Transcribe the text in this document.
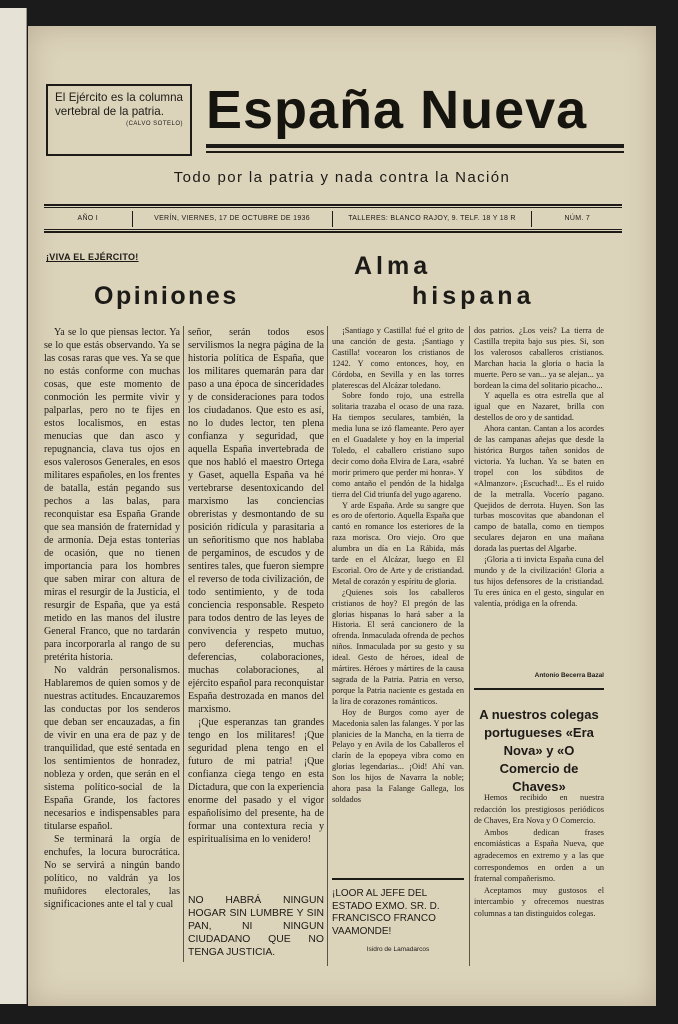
El Ejército es la columna vertebral de la patria.
(CALVO SOTELO) España Nueva
Todo por la patria y nada contra la Nación
AÑO I	VERÍN, VIERNES, 17 DE OCTUBRE DE 1936	TALLERES: BLANCO RAJOY, 9. TELF. 18 Y 18 R	NÚM. 7
¡VIVA EL EJÉRCITO!
Opiniones
Alma
hispana

Ya se lo que piensas lector. Ya se lo que estás observando. Ya se las cosas raras que ves. Ya se que no estás conforme con muchas cosas, que este momento de conmoción les permite vivir y palparlas, pero no te fijes en estos localismos, en estas menucias que dan asco y repugnancia, clava tus ojos en esos valerosos Generales, en esos militares españoles, en los frentes de batalla, están pegando sus pechos a las balas, para reconquistar esa España Grande que sea mansión de fraternidad y de armonía. Deja estas tonterias de ocasión, que no tienen importancia para los hombres que saben mirar con altura de miras el resurgir de la Justicia, el resurgir de España, que ya está metido en las manos del ilustre General Franco, que no tardarán para incorporarla al rango de su pretérita historia.

No valdrán personalismos. Hablaremos de quien somos y de nuestras actitudes. Encauzaremos las conductas por los senderos que deban ser encauzadas, a fin de vivir en una era de paz y de tranquilidad, que esté sentada en los sentimientos de honradez, nobleza y orden, que serán en el sistema político-social de la España Grande, los factores necesarios e indispensables para titularse español.

Se terminará la orgía de enchufes, la locura burocrática. No se servirá a ningún bando político, no valdrán ya los muñidores electorales, las significaciones ante el tal y cual

señor, serán todos esos servilismos la negra página de la historia política de España, que los militares quemarán para dar paso a una época de sinceridades y de consideraciones para todos los ciudadanos. Que esto es así, no lo dudes lector, ten plena confianza y seguridad, que aquella España invertebrada de que nos habló el maestro Ortega y Gaset, aquella España va hé vertebrarse desentoxicando del marxismo las conciencias obreristas y desmontando de su posición ridícula y parasitaria a un señoritismo que nos hablaba de pergaminos, de escudos y de sentires tales, que fueron siempre el reverso de toda civilización, de todo sentimiento, y de toda conciencia responsable. Respeto para todos dentro de las leyes de convivencia y respeto mutuo, pero deferencias, muchas deferencias, colaboraciones, muchas colaboraciones, al ejército español para reconquistar España destrozada en manos del marxismo.

¡Que esperanzas tan grandes tengo en los militares! ¡Que seguridad plena tengo en el futuro de mi patria! ¡Que confianza ciega tengo en esta Dictadura, que con la experiencia enorme del pasado y el vigor españolísimo del presente, ha de formar una contextura recia y espiritualísima en lo venidero!

NO HABRÁ NINGUN HOGAR SIN LUMBRE Y SIN PAN, NI NINGUN CIUDADANO QUE NO TENGA JUSTICIA.

¡Santiago y Castilla! fué el grito de una canción de gesta. ¡Santiago y Castilla! vocearon los cristianos de 1242. Y como entonces, hoy, en Córdoba, en Sevilla y en las torres platerescas del Alcázar toledano.

Sobre fondo rojo, una estrella solitaria trazaba el ocaso de una raza. Ha tiempos seculares, también, la media luna se izó flameante. Pero ayer en el Guadalete y hoy en la imperial Toledo, el caballero cristiano supo decir como doña Elvira de Lara, «sabré morir primero que perder mi honra». Y como antaño el pendón de la hidalga tierra del Cid triunfa del yugo agareno.

Y arde España. Arde su sangre que es oro de ofertorio. Aquella España que cantó en romance los esteriores de la raza morisca. Oro viejo. Oro que alumbra un día en La Rábida, más tarde en el Alcázar, luego en El Escorial. Oro de Arte y de cristiandad. Metal de corazón y espíritu de gloria.

¿Quienes sois los caballeros cristianos de hoy? El pregón de las glorias hispanas lo hará saber a la Historia. El será cancionero de la ofrenda. Inmaculada ofrenda de pechos niños. Inmaculada por su gesto y su ideal. Gesto de héroes, ideal de mártires. Héroes y mártires de la causa sagrada de la Patria. Patria en verso, porque la Patria naciente es gestada en la lira de corazones románticos.

Hoy de Burgos como ayer de Macedonia salen las falanges. Y por las planicies de la Mancha, en la tierra de Pelayo y en Avila de los Caballeros el clarín de la epopeya vibra como en glorias legendarias... ¡Oid! Ahí van. Son los hijos de Navarra la noble; ahora pasa la Falange Gallega, los soldados

¡LOOR AL JEFE DEL ESTADO EXMO. SR. D. FRANCISCO FRANCO VAAMONDE!
Isidro de Lamadarcos

dos patrios. ¿Los veis? La tierra de Castilla trepita bajo sus pies. Si, son los valerosos caballeros cristianos. Marchan hacia la gloria o hacia la muerte. Pero se van... ya se alejan... ya bordean la cima del solitario picacho...

Y aquella es otra estrella que al igual que en Nazaret, brilla con destellos de oro y de santidad.

Ahora cantan. Cantan a los acordes de las campanas añejas que desde la histórica Burgos tañen sonidos de victoria. Ya luchan. Ya se baten en tropel con los súbditos de «Almanzor». ¡Escuchad!... Es el ruido de la metralla. Vocerío pagano. Quejidos de derrota. Huyen. Son las turbas moscovitas que abandonan el campo de batalla, como en tiempos seculares dejaron en una mañana dorada las puertas del Algarbe.

¡Gloria a ti invicta España cuna del mundo y de la civilización! Gloria a tus hijos defensores de la cristiandad. Tu eres única en el gesto, singular en valentía, pródiga en la ofrenda.

Antonio Becerra Bazal
A nuestros colegas portugueses «Era Nova» y «O Comercio de Chaves»

Hemos recibido en nuestra redacción los prestigiosos periódicos de Chaves, Era Nova y O Comercio.

Ambos dedican frases encomiásticas a España Nueva, que agradecemos en extremo y a las que correspondemos en orden a un fraternal compañerismo.

Aceptamos muy gustosos el intercambio y ofrecemos nuestras columnas a tan distinguidos colegas.
